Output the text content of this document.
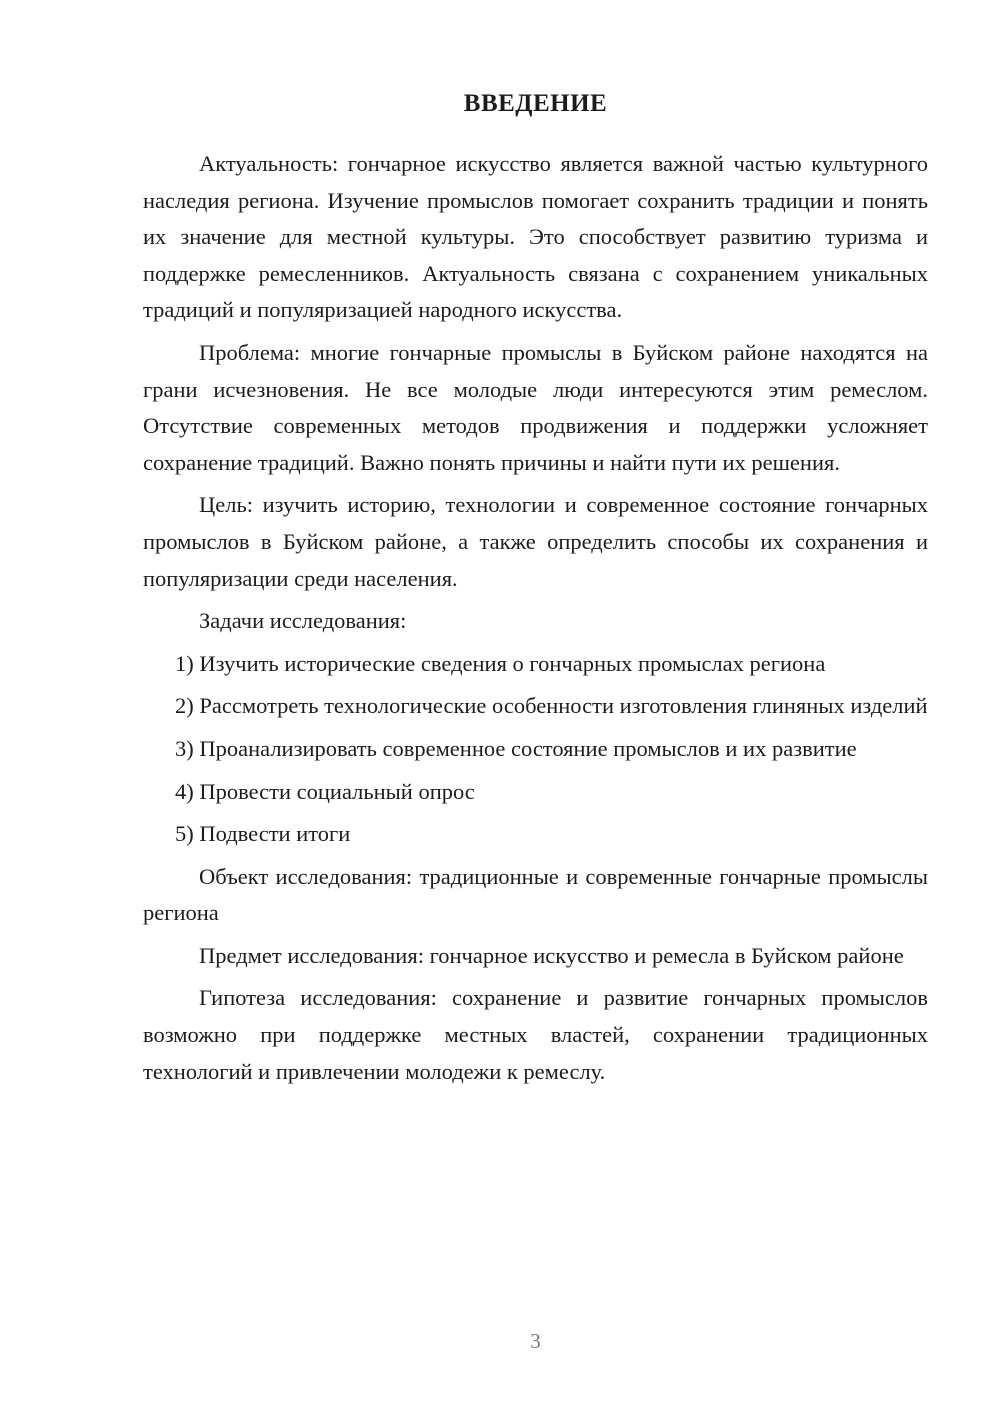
ВВЕДЕНИЕ

Актуальность: гончарное искусство является важной частью культурного наследия региона. Изучение промыслов помогает сохранить традиции и понять их значение для местной культуры. Это способствует развитию туризма и поддержке ремесленников. Актуальность связана с сохранением уникальных традиций и популяризацией народного искусства.

Проблема: многие гончарные промыслы в Буйском районе находятся на грани исчезновения. Не все молодые люди интересуются этим ремеслом. Отсутствие современных методов продвижения и поддержки усложняет сохранение традиций. Важно понять причины и найти пути их решения.

Цель: изучить историю, технологии и современное состояние гончарных промыслов в Буйском районе, а также определить способы их сохранения и популяризации среди населения.

Задачи исследования:

1) Изучить исторические сведения о гончарных промыслах региона

2) Рассмотреть технологические особенности изготовления глиняных изделий

3) Проанализировать современное состояние промыслов и их развитие

4) Провести социальный опрос

5) Подвести итоги

Объект исследования: традиционные и современные гончарные промыслы региона

Предмет исследования: гончарное искусство и ремесла в Буйском районе

Гипотеза исследования: сохранение и развитие гончарных промыслов возможно при поддержке местных властей, сохранении традиционных технологий и привлечении молодежи к ремеслу.

3
